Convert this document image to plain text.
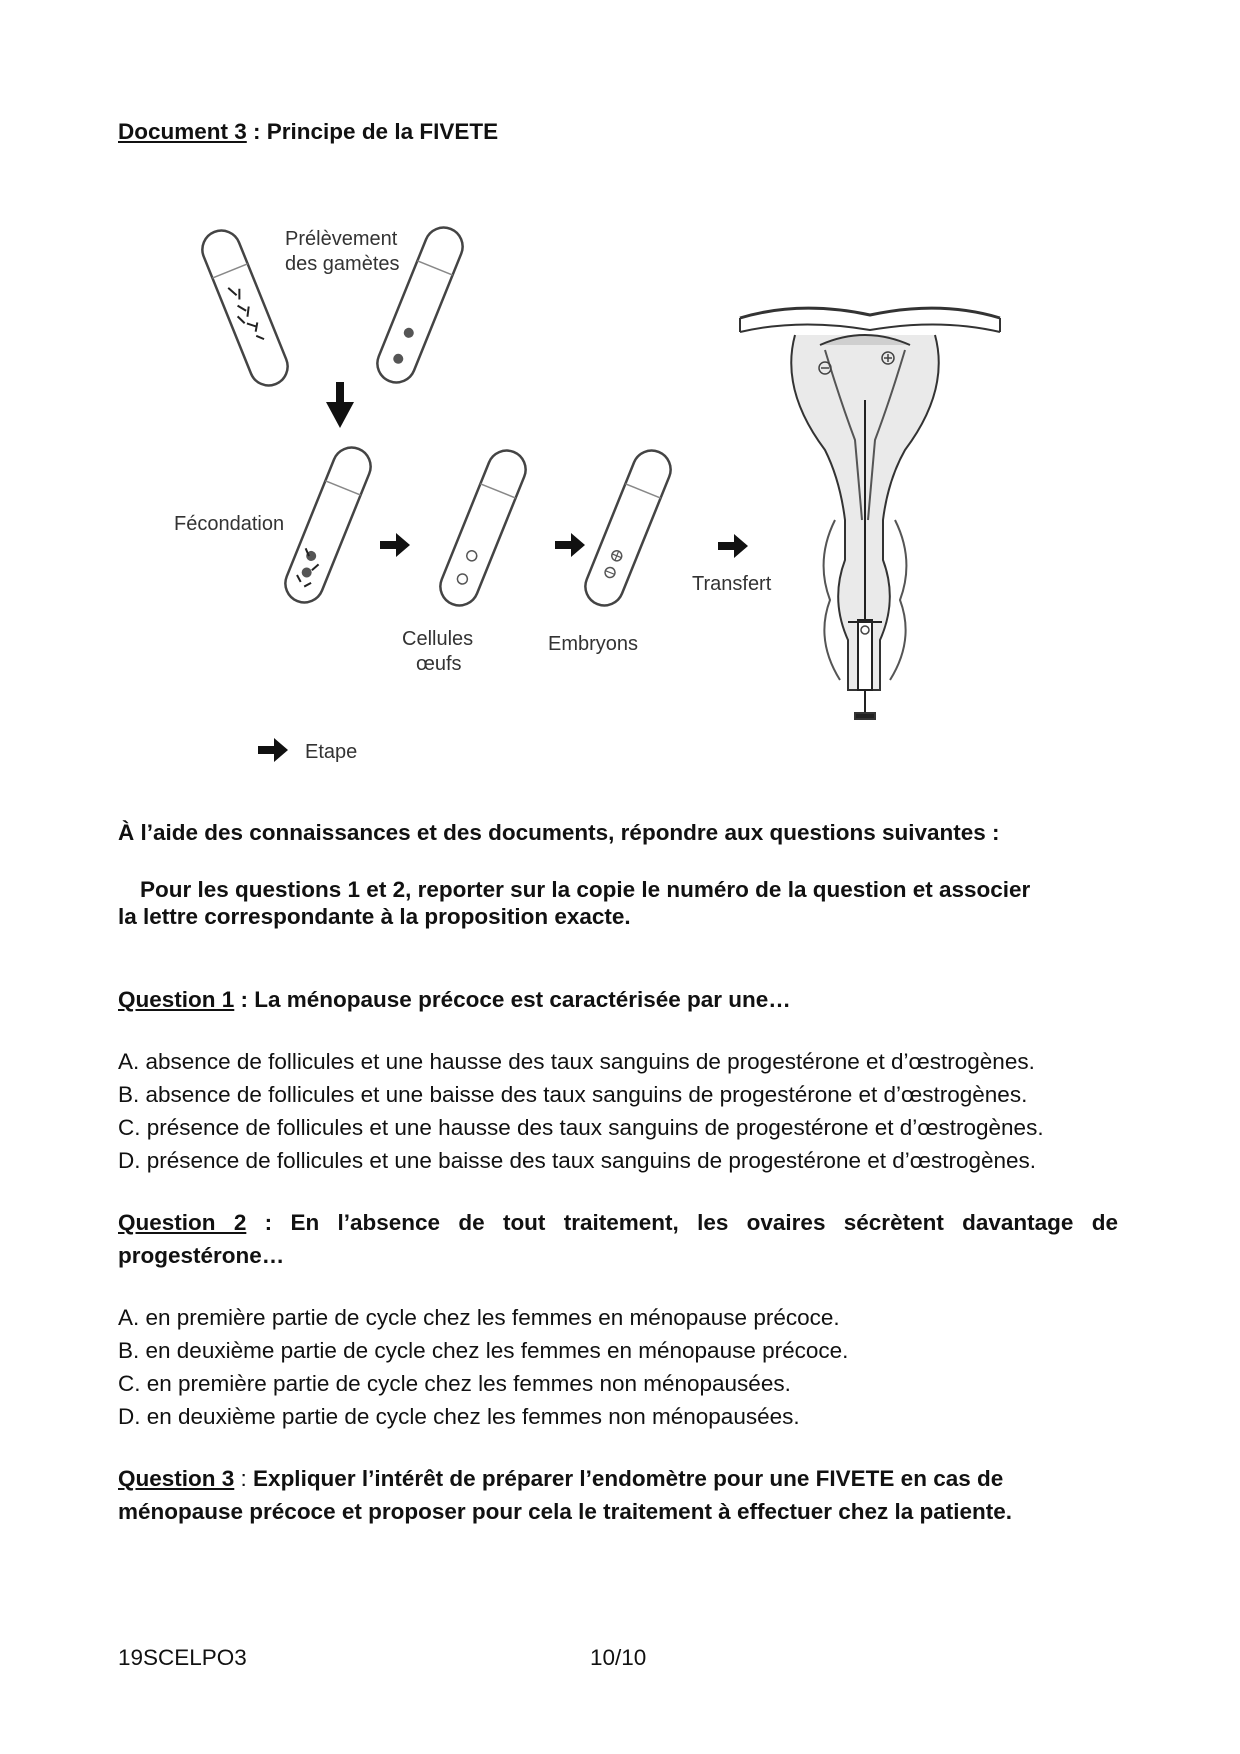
Document 3 : Principe de la FIVETE
Prélèvement
des gamètes
Fécondation
Cellules
œufs
Embryons
Transfert
Etape
À l’aide des connaissances et des documents, répondre aux questions suivantes :
Pour les questions 1 et 2, reporter sur la copie le numéro de la question et associer
la lettre correspondante à la proposition exacte.
Question 1 : La ménopause précoce est caractérisée par une…

A. absence de follicules et une hausse des taux sanguins de progestérone et d’œstrogènes.

B. absence de follicules et une baisse des taux sanguins de progestérone et d’œstrogènes.

C. présence de follicules et une hausse des taux sanguins de progestérone et d’œstrogènes.

D. présence de follicules et une baisse des taux sanguins de progestérone et d’œstrogènes.

Question 2 : En l’absence de tout traitement, les ovaires sécrètent davantage de
progestérone…

A. en première partie de cycle chez les femmes en ménopause précoce.

B. en deuxième partie de cycle chez les femmes en ménopause précoce.

C. en première partie de cycle chez les femmes non ménopausées.

D. en deuxième partie de cycle chez les femmes non ménopausées.

Question 3 : Expliquer l’intérêt de préparer l’endomètre pour une FIVETE en cas de
ménopause précoce et proposer pour cela le traitement à effectuer chez la patiente.
19SCELPO3	10/10
